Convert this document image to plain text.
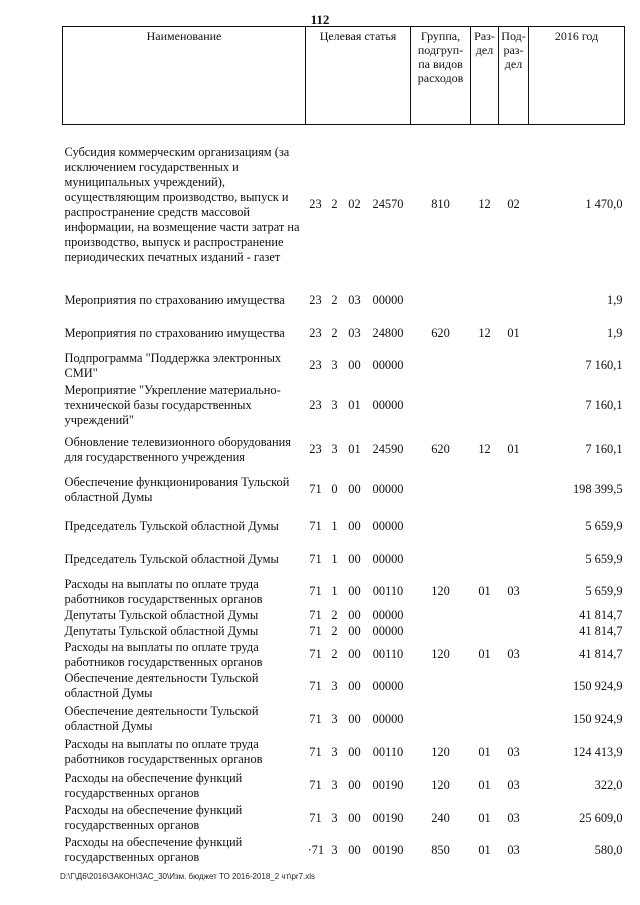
112
Наименование	Целевая статья				Группа, подгруп-па видов расходов	Раз-дел	Под-раз-дел	2016 год
Субсидия коммерческим организациям (за исключением государственных и муниципальных учреждений), осуществляющим производство, выпуск и распространение средств массовой информации, на возмещение части затрат на производство, выпуск и распространение периодических печатных изданий - газет	23	2	02	24570	810	12	02	1 470,0
Мероприятия по страхованию имущества	23	2	03	00000				1,9
Мероприятия по страхованию имущества	23	2	03	24800	620	12	01	1,9
Подпрограмма "Поддержка электронных СМИ"	23	3	00	00000				7 160,1
Мероприятие "Укрепление материально-технической базы государственных учреждений"	23	3	01	00000				7 160,1
Обновление телевизионного оборудования для государственного учреждения	23	3	01	24590	620	12	01	7 160,1
Обеспечение функционирования Тульской областной Думы	71	0	00	00000				198 399,5
Председатель Тульской областной Думы	71	1	00	00000				5 659,9
Председатель Тульской областной Думы	71	1	00	00000				5 659,9
Расходы на выплаты по оплате труда работников государственных органов	71	1	00	00110	120	01	03	5 659,9
Депутаты Тульской областной Думы	71	2	00	00000				41 814,7
Депутаты Тульской областной Думы	71	2	00	00000				41 814,7
Расходы на выплаты по оплате труда работников государственных органов	71	2	00	00110	120	01	03	41 814,7
Обеспечение деятельности Тульской областной Думы	71	3	00	00000				150 924,9
Обеспечение деятельности Тульской областной Думы	71	3	00	00000				150 924,9
Расходы на выплаты по оплате труда работников государственных органов	71	3	00	00110	120	01	03	124 413,9
Расходы на обеспечение функций государственных органов	71	3	00	00190	120	01	03	322,0
Расходы на обеспечение функций государственных органов	71	3	00	00190	240	01	03	25 609,0
Расходы на обеспечение функций государственных органов	·71	3	00	00190	850	01	03	580,0
D:\Г\Д6\2016\ЗАКОН\ЗАС_30\Изм. бюджет ТО 2016-2018_2 чт\pr7.xls
